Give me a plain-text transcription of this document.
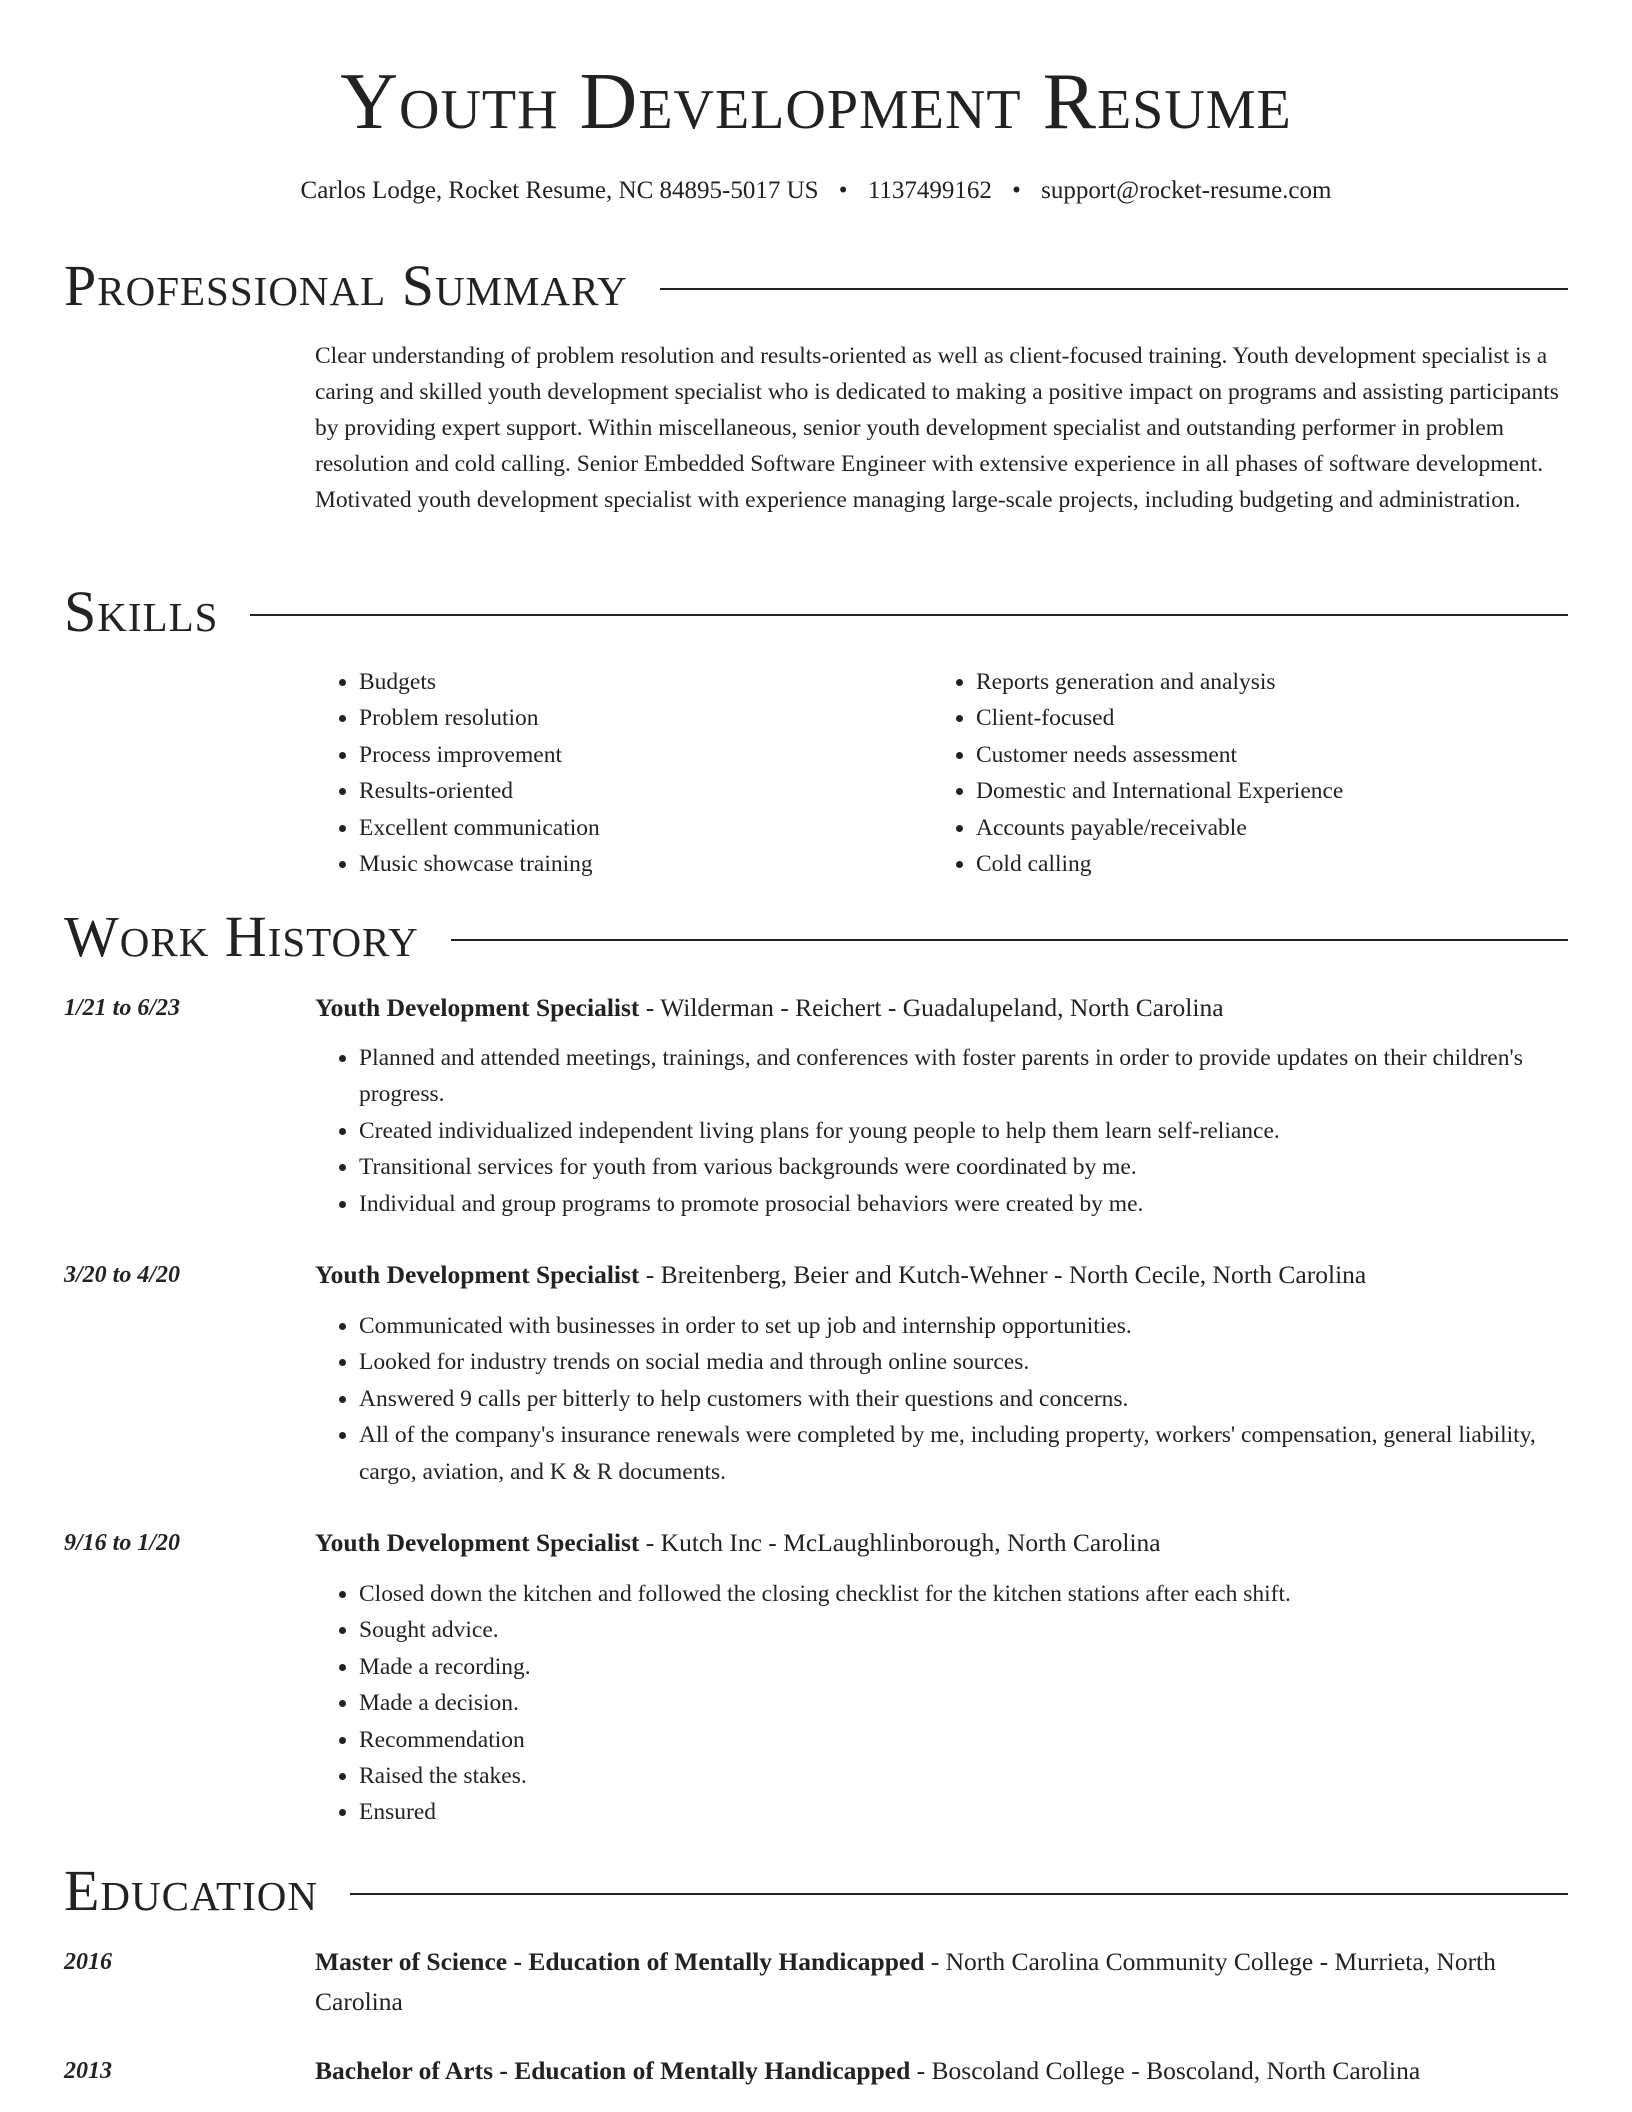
Youth Development Resume
Carlos Lodge, Rocket Resume, NC 84895-5017 US • 1137499162 • support@rocket-resume.com
Professional Summary
Clear understanding of problem resolution and results-oriented as well as client-focused training. Youth development specialist is a caring and skilled youth development specialist who is dedicated to making a positive impact on programs and assisting participants by providing expert support. Within miscellaneous, senior youth development specialist and outstanding performer in problem resolution and cold calling. Senior Embedded Software Engineer with extensive experience in all phases of software development. Motivated youth development specialist with experience managing large-scale projects, including budgeting and administration.
Skills
• Budgets
• Problem resolution
• Process improvement
• Results-oriented
• Excellent communication
• Music showcase training
• Reports generation and analysis
• Client-focused
• Customer needs assessment
• Domestic and International Experience
• Accounts payable/receivable
• Cold calling
Work History
1/21 to 6/23	Youth Development Specialist - Wilderman - Reichert - Guadalupeland, North Carolina
• Planned and attended meetings, trainings, and conferences with foster parents in order to provide updates on their children's progress.
• Created individualized independent living plans for young people to help them learn self-reliance.
• Transitional services for youth from various backgrounds were coordinated by me.
• Individual and group programs to promote prosocial behaviors were created by me.
3/20 to 4/20	Youth Development Specialist - Breitenberg, Beier and Kutch-Wehner - North Cecile, North Carolina
• Communicated with businesses in order to set up job and internship opportunities.
• Looked for industry trends on social media and through online sources.
• Answered 9 calls per bitterly to help customers with their questions and concerns.
• All of the company's insurance renewals were completed by me, including property, workers' compensation, general liability, cargo, aviation, and K & R documents.
9/16 to 1/20	Youth Development Specialist - Kutch Inc - McLaughlinborough, North Carolina
• Closed down the kitchen and followed the closing checklist for the kitchen stations after each shift.
• Sought advice.
• Made a recording.
• Made a decision.
• Recommendation
• Raised the stakes.
• Ensured
Education
2016	Master of Science - Education of Mentally Handicapped - North Carolina Community College - Murrieta, North Carolina
2013	Bachelor of Arts - Education of Mentally Handicapped - Boscoland College - Boscoland, North Carolina
